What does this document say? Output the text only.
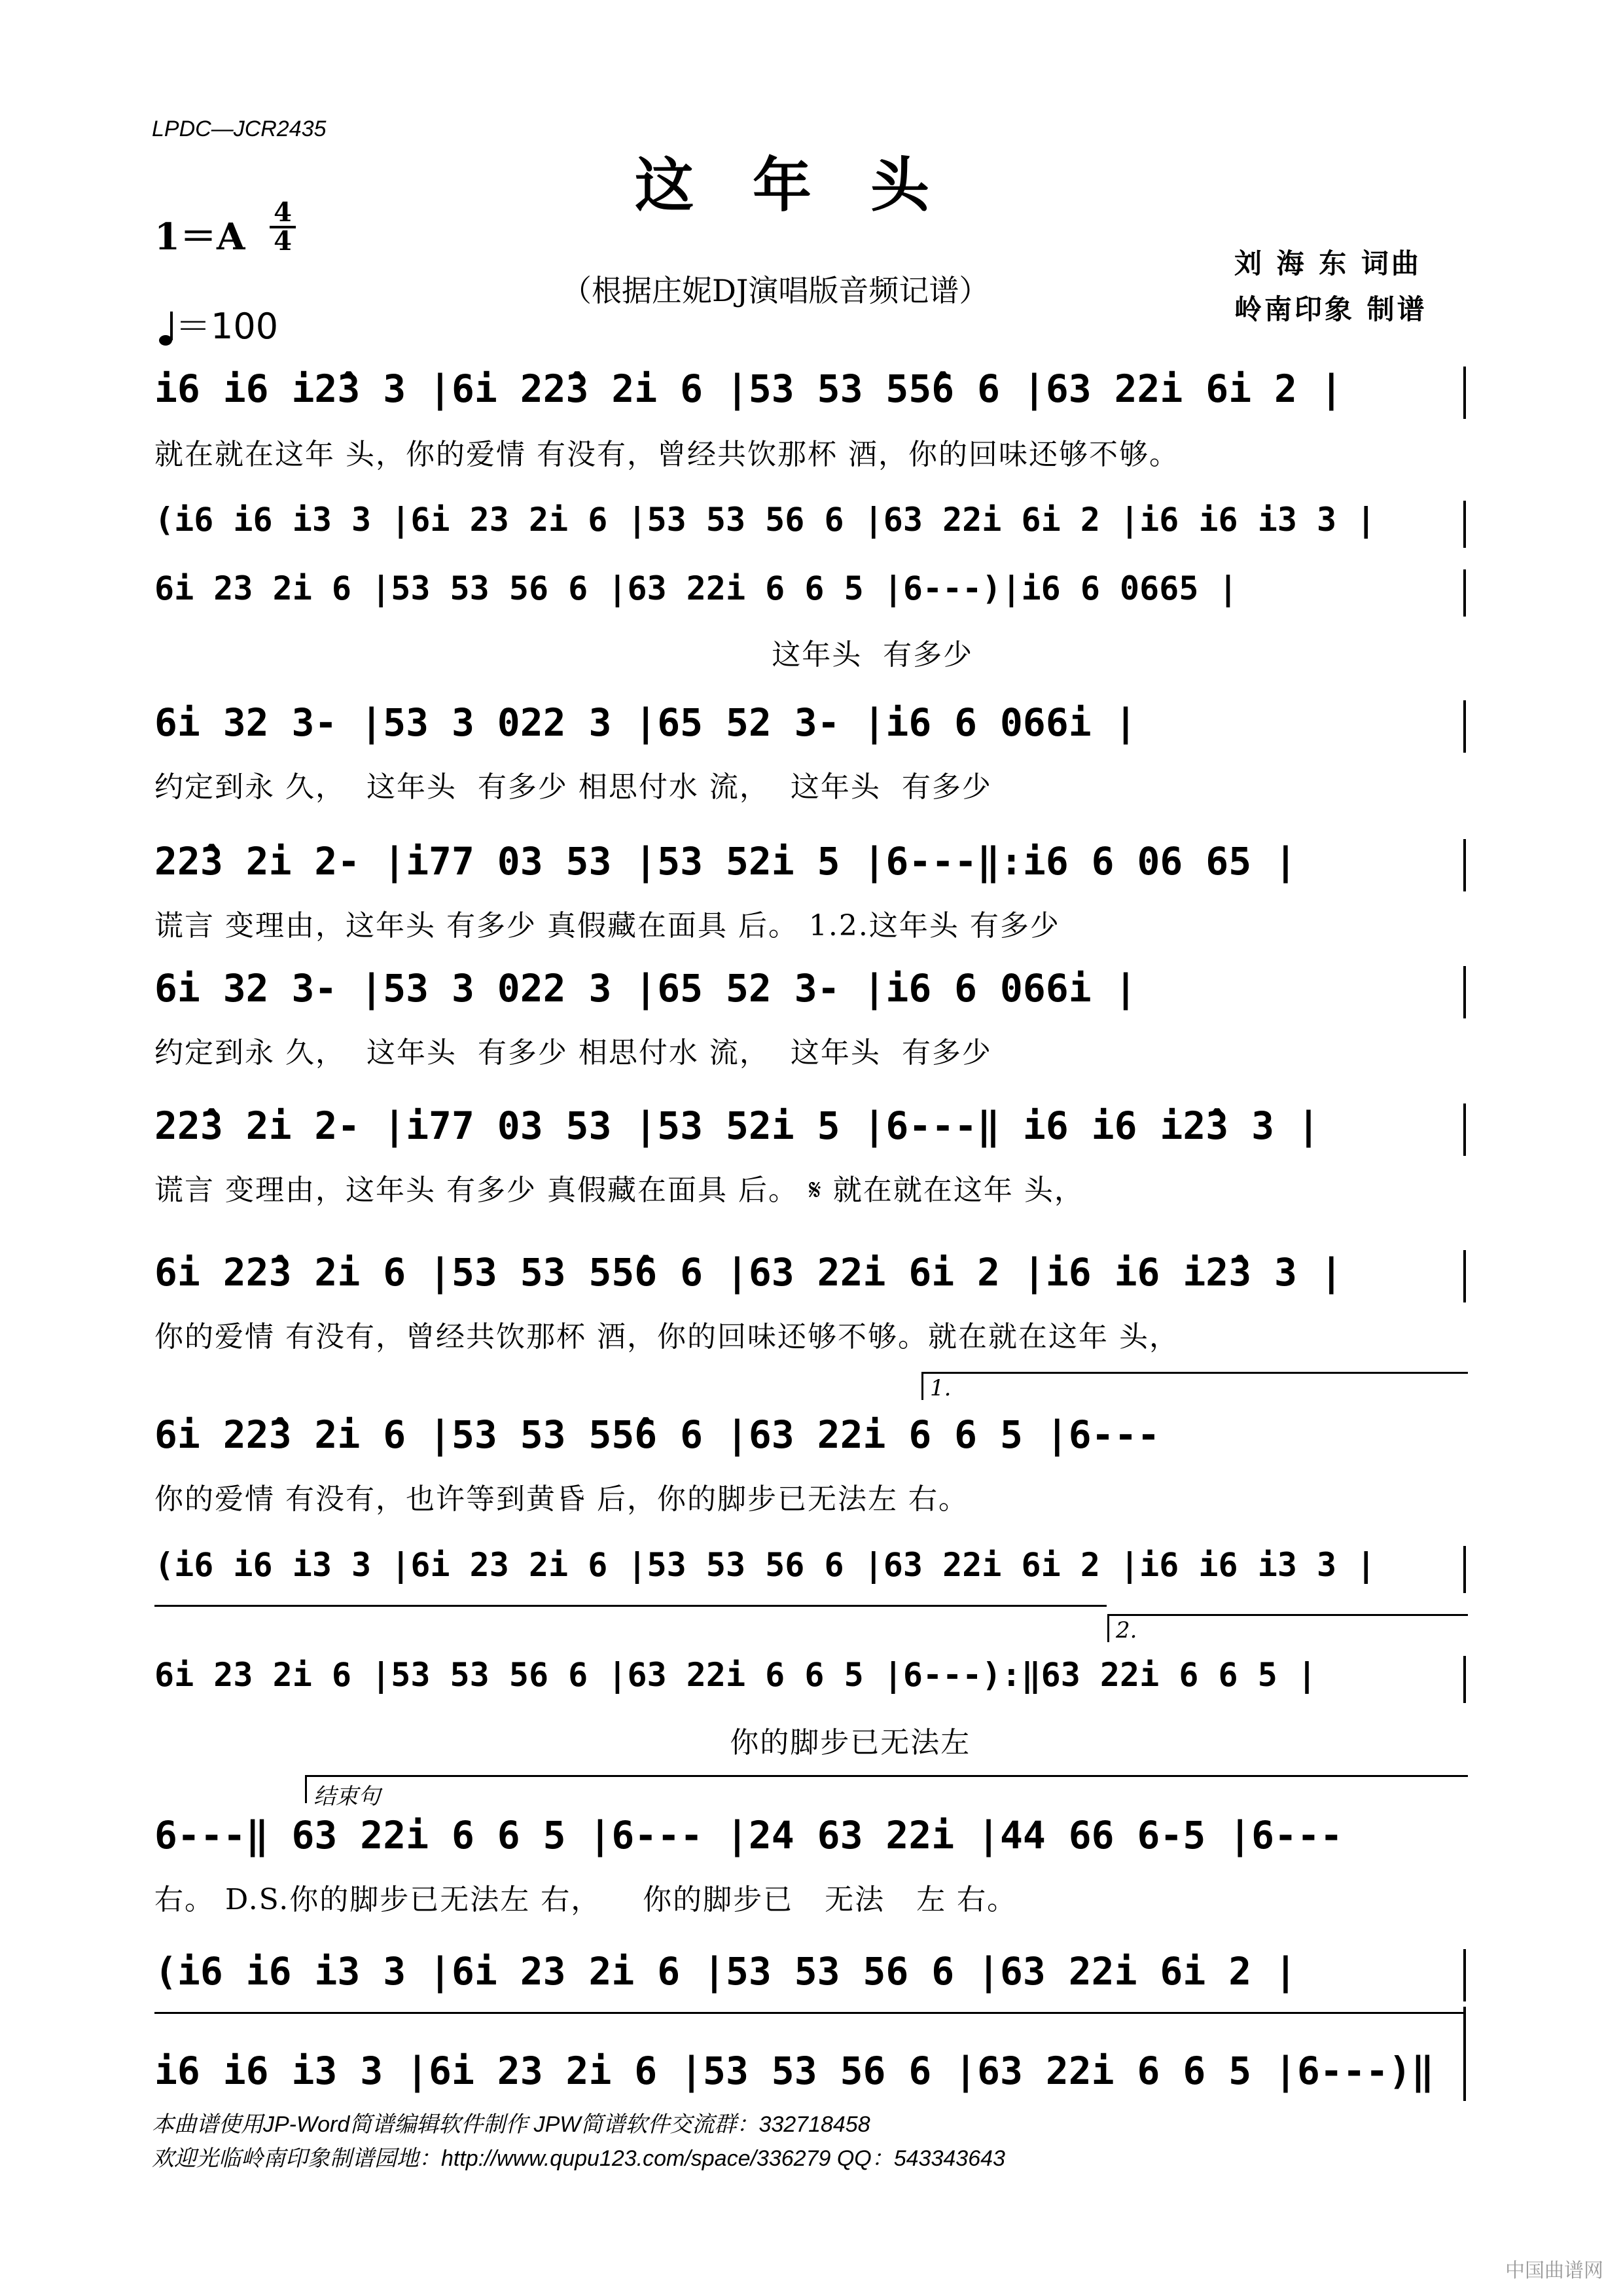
LPDC—JCR2435
这年头
1＝A
4
4
（根据庄妮DJ演唱版音频记谱）
刘 海 东 词曲
岭南印象 制谱
＝100
i6 i6 i2̂3 3 |6i 22̂3 2i 6 |53 53 55̂6 6 |63 22i 6i 2 |
就在就在这年 头，你的爱情 有没有，曾经共饮那杯 酒，你的回味还够不够。
(i6 i6 i3 3 |6i 23 2i 6 |53 53 56 6 |63 22i 6i 2 |i6 i6 i3 3 |
6i 23 2i 6 |53 53 56 6 |63 22i 6 6 5 |6---)|i6 6 0665 |
这年头  有多少
6i 32 3- |53 3 022 3 |65 52 3- |i6 6 066i |
约定到永 久，  这年头  有多少 相思付水 流，  这年头  有多少
22̂3 2i 2- |i77 03 53 |53 52i 5 |6---‖:i6 6 06 65 |
谎言 变理由，这年头 有多少 真假藏在面具 后。 1.2.这年头 有多少
6i 32 3- |53 3 022 3 |65 52 3- |i6 6 066i |
约定到永 久，  这年头  有多少 相思付水 流，  这年头  有多少
22̂3 2i 2- |i77 03 53 |53 52i 5 |6---‖ i6 i6 i2̂3 3 |
谎言 变理由，这年头 有多少 真假藏在面具 后。 𝄋 就在就在这年 头，
6i 22̂3 2i 6 |53 53 55̂6 6 |63 22i 6i 2 |i6 i6 i2̂3 3 |
你的爱情 有没有，曾经共饮那杯 酒，你的回味还够不够。就在就在这年 头，
1.
6i 22̂3 2i 6 |53 53 55̂6 6 |63 22i 6 6 5 |6---
你的爱情 有没有，也许等到黄昏 后，你的脚步已无法左 右。
(i6 i6 i3 3 |6i 23 2i 6 |53 53 56 6 |63 22i 6i 2 |i6 i6 i3 3 |
2.
6i 23 2i 6 |53 53 56 6 |63 22i 6 6 5 |6---):‖63 22i 6 6 5 |
你的脚步已无法左
结束句
6---‖ 63 22i 6 6 5 |6--- |24 63 22i |44 66 6-5 |6---
右。 D.S.你的脚步已无法左 右，    你的脚步已   无法   左 右。
(i6 i6 i3 3 |6i 23 2i 6 |53 53 56 6 |63 22i 6i 2 |
i6 i6 i3 3 |6i 23 2i 6 |53 53 56 6 |63 22i 6 6 5 |6---)‖
本曲谱使用JP-Word简谱编辑软件制作 JPW简谱软件交流群：332718458
欢迎光临岭南印象制谱园地：http://www.qupu123.com/space/336279 QQ：543343643
中国曲谱网
